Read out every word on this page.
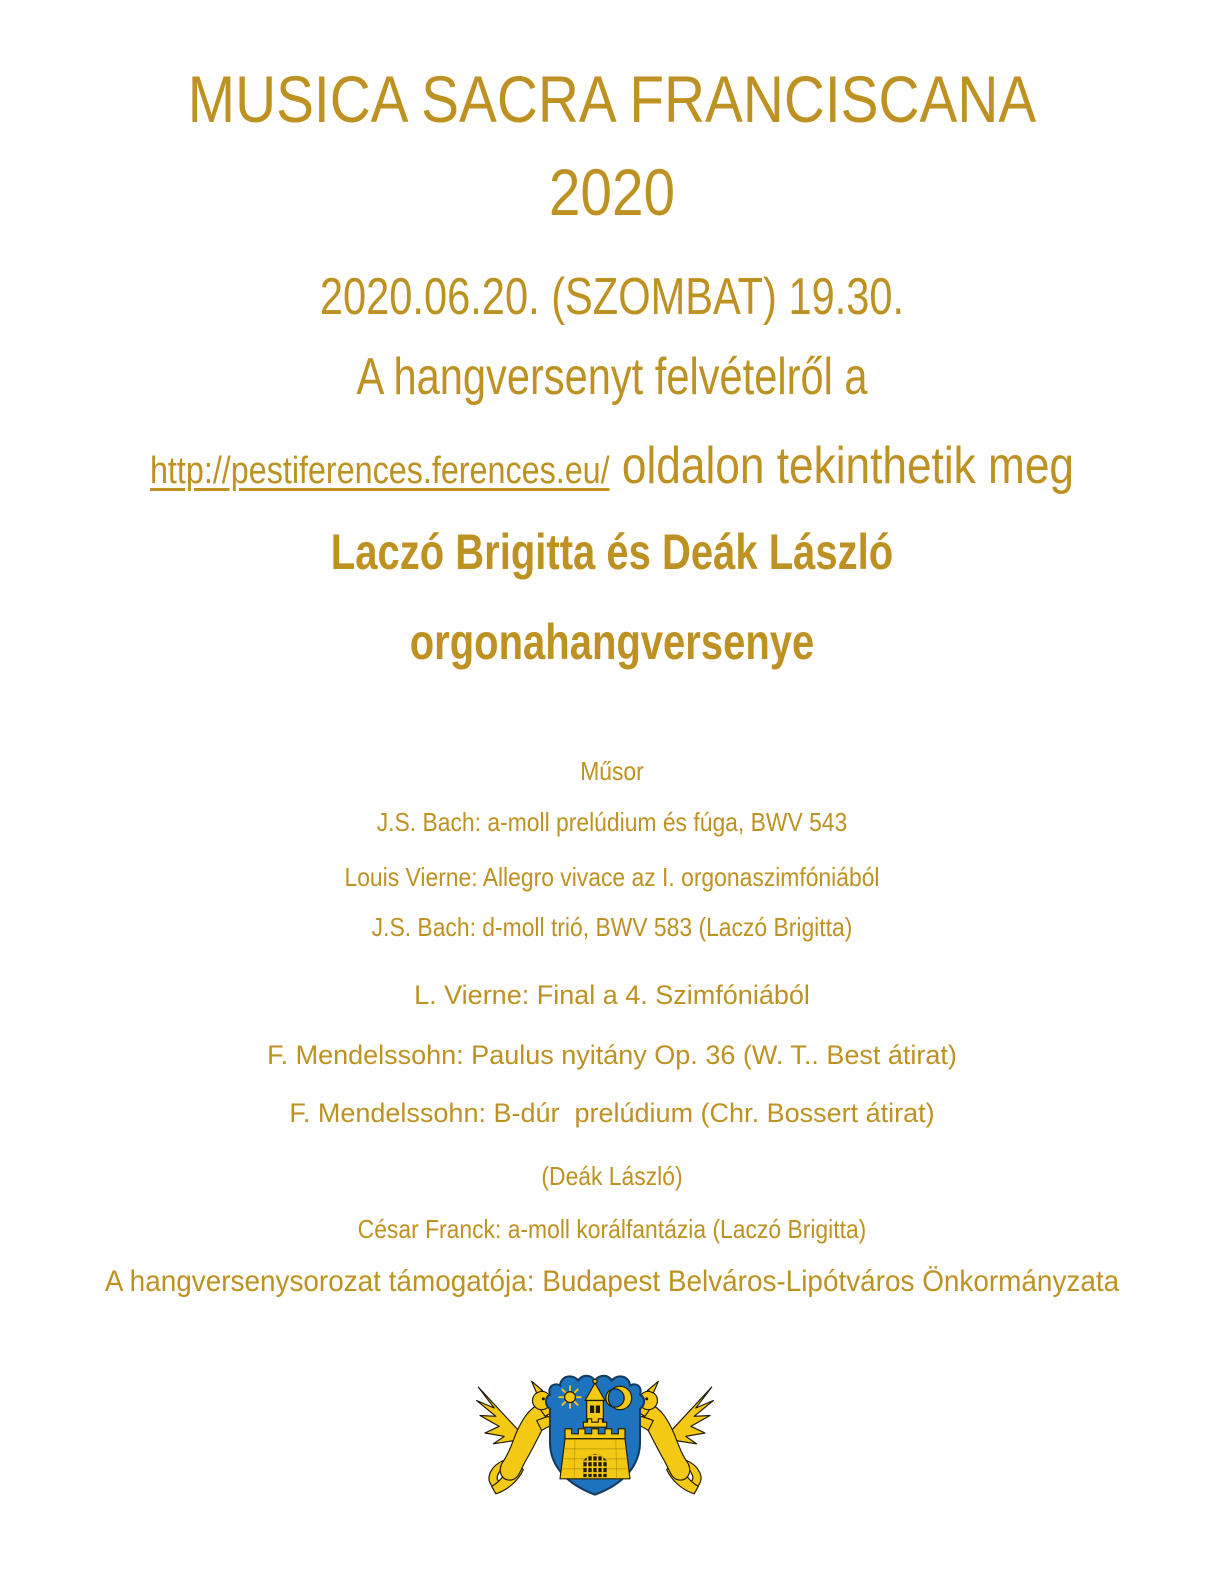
MUSICA SACRA FRANCISCANA
2020
2020.06.20. (SZOMBAT) 19.30.
A hangversenyt felvételről a
http://pestiferences.ferences.eu/ oldalon tekinthetik meg
Laczó Brigitta és Deák László
orgonahangversenye
Műsor
J.S. Bach: a-moll prelúdium és fúga, BWV 543
Louis Vierne: Allegro vivace az I. orgonaszimfóniából
J.S. Bach: d-moll trió, BWV 583 (Laczó Brigitta)
L. Vierne: Final a 4. Szimfóniából
F. Mendelssohn: Paulus nyitány Op. 36 (W. T.. Best átirat)
F. Mendelssohn: B-dúr  prelúdium (Chr. Bossert átirat)
(Deák László)
César Franck: a-moll korálfantázia (Laczó Brigitta)
A hangversenysorozat támogatója: Budapest Belváros-Lipótváros Önkormányzata
